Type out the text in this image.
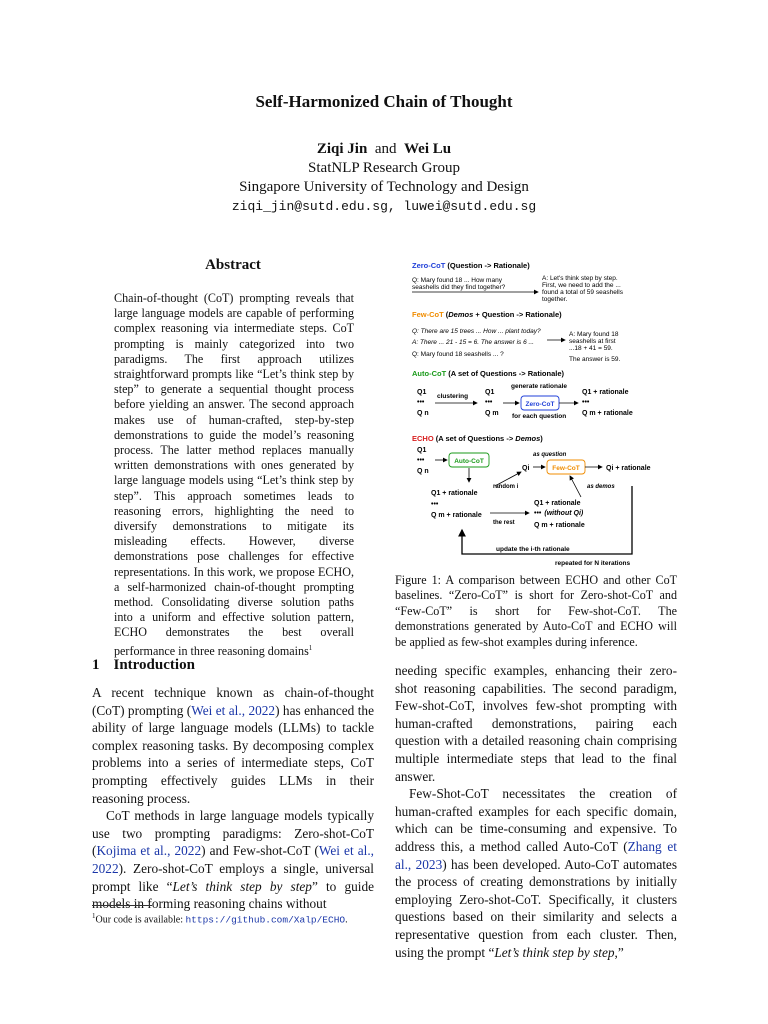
Self-Harmonized Chain of Thought
Ziqi Jin and Wei Lu
StatNLP Research Group
Singapore University of Technology and Design
ziqi_jin@sutd.edu.sg, luwei@sutd.edu.sg
Abstract

Chain-of-thought (CoT) prompting reveals that large language models are capable of performing complex reasoning via intermediate steps. CoT prompting is mainly categorized into two paradigms. The first approach utilizes straightforward prompts like “Let’s think step by step” to generate a sequential thought process before yielding an answer. The second approach makes use of human-crafted, step-by-step demonstrations to guide the model’s reasoning process. The latter method replaces manually written demonstrations with ones generated by large language models using “Let’s think step by step”. This approach sometimes leads to reasoning errors, highlighting the need to diversify demonstrations to mitigate its misleading effects. However, diverse demonstrations pose challenges for effective representations. In this work, we propose ECHO, a self-harmonized chain-of-thought prompting method. Consolidating diverse solution paths into a uniform and effective solution pattern, ECHO demonstrates the best overall performance in three reasoning domains$^1$

1 Introduction

A recent technique known as chain-of-thought (CoT) prompting (Wei et al., 2022) has enhanced the ability of large language models (LLMs) to tackle complex reasoning tasks. By decomposing complex problems into a series of intermediate steps, CoT prompting effectively guides LLMs in their reasoning process.

CoT methods in large language models typically use two prompting paradigms: Zero-shot-CoT (Kojima et al., 2022) and Few-shot-CoT (Wei et al., 2022). Zero-shot-CoT employs a single, universal prompt like “Let’s think step by step” to guide models in forming reasoning chains without

needing specific examples, enhancing their zero-shot reasoning capabilities. The second paradigm, Few-shot-CoT, involves few-shot prompting with human-crafted demonstrations, pairing each question with a detailed reasoning chain comprising multiple intermediate steps that lead to the final answer.

Few-Shot-CoT necessitates the creation of human-crafted examples for each specific domain, which can be time-consuming and expensive. To address this, a method called Auto-CoT (Zhang et al., 2023) has been developed. Auto-CoT automates the process of creating demonstrations by initially employing Zero-shot-CoT. Specifically, it clusters questions based on their similarity and selects a representative question from each cluster. Then, using the prompt “Let’s think step by step,”

$^1$Our code is available: https://github.com/Xalp/ECHO.
Zero-CoT (Question -> Rationale)
Q: Mary found 18 ... How many
seashells did they find together?
A: Let's think step by step.
First, we need to add the ...
found a total of 59 seashells
together.
Few-CoT (Demos + Question -> Rationale)
Q: There are 15 trees ... How ... plant today?
A: There ... 21 - 15 = 6. The answer is 6 ...
Q: Mary found 18 seashells ... ?
A: Mary found 18
seashells at first
...18 + 41 = 59.
The answer is 59.
Auto-CoT (A set of Questions -> Rationale)
Q1
•••
Q n
clustering
Q1
•••
Q m
generate rationale
Zero-CoT
for each question
Q1 + rationale
•••
Q m + rationale
ECHO (A set of Questions -> Demos)
Q1
•••
Q n
Auto-CoT
as question
Qi	Few-CoT	Qi + rationale
random i	as demos
Q1 + rationale
•••
Q m + rationale
the rest
Q1 + rationale
••• (without Qi)
Q m + rationale
update the i-th rationale
repeated for N iterations
Figure 1: A comparison between ECHO and other CoT baselines. “Zero-CoT” is short for Zero-shot-CoT and “Few-CoT” is short for Few-shot-CoT. The demonstrations generated by Auto-CoT and ECHO will be applied as few-shot examples during inference.
